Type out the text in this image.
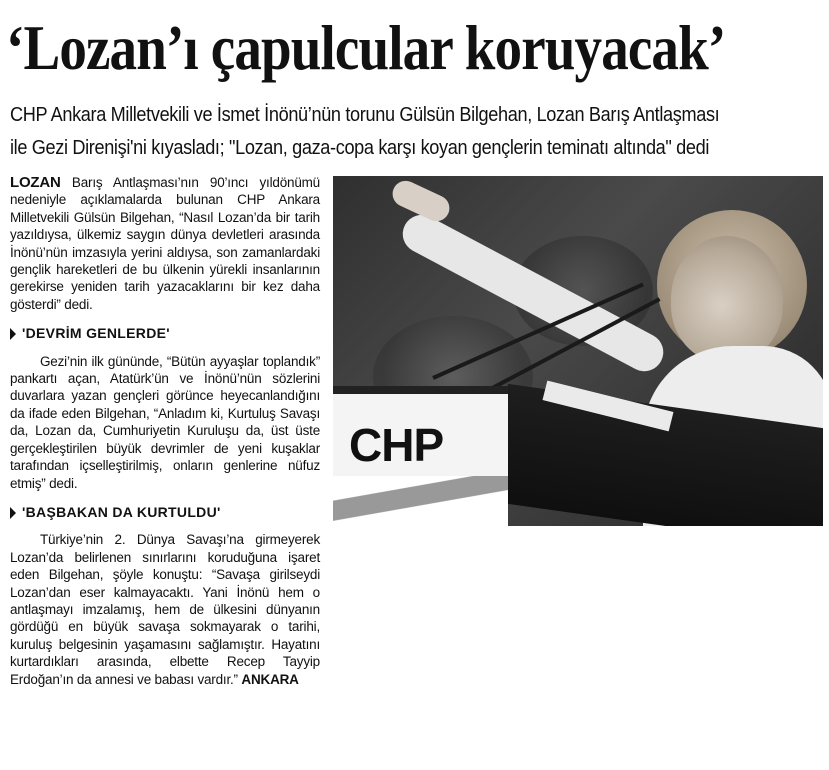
‘Lozan’ı çapulcular koruyacak’
CHP Ankara Milletvekili ve İsmet İnönü’nün torunu Gülsün Bilgehan, Lozan Barış Antlaşması
ile Gezi Direnişi'ni kıyasladı; "Lozan, gaza-copa karşı koyan gençlerin teminatı altında" dedi

LOZAN Barış Antlaşması’nın 90’ıncı yıldönümü nedeniyle açıklamalarda bulunan CHP Ankara Milletvekili Gülsün Bilgehan, “Nasıl Lozan’da bir tarih yazıldıysa, ülkemiz saygın dünya devletleri arasında İnönü’nün imzasıyla yerini aldıysa, son zamanlardaki gençlik hareketleri de bu ülkenin yürekli insanlarının gerekirse yeniden tarih yazacaklarını bir kez daha gösterdi” dedi.

'DEVRİM GENLERDE'

Gezi’nin ilk gününde, “Bütün ayyaşlar toplandık” pankartı açan, Atatürk’ün ve İnönü’nün sözlerini duvarlara yazan gençleri görünce heyecanlandığını da ifade eden Bilgehan, “Anladım ki, Kurtuluş Savaşı da, Lozan da, Cumhuriyetin Kuruluşu da, üst üste gerçekleştirilen büyük devrimler de yeni kuşaklar tarafından içselleştirilmiş, onların genlerine nüfuz etmiş” dedi.

'BAŞBAKAN DA KURTULDU'

Türkiye’nin 2. Dünya Savaşı’na girmeyerek Lozan’da belirlenen sınırlarını koruduğuna işaret eden Bilgehan, şöyle konuştu: “Savaşa girilseydi Lozan’dan eser kalmayacaktı. Yani İnönü hem o antlaşmayı imzalamış, hem de ülkesini dünyanın gördüğü en büyük savaşa sokmayarak o tarihi, kuruluş belgesinin yaşamasını sağlamıştır. Hayatını kurtardıkları arasında, elbette Recep Tayyip Erdoğan’ın da annesi ve babası vardır.” ANKARA

CHP
